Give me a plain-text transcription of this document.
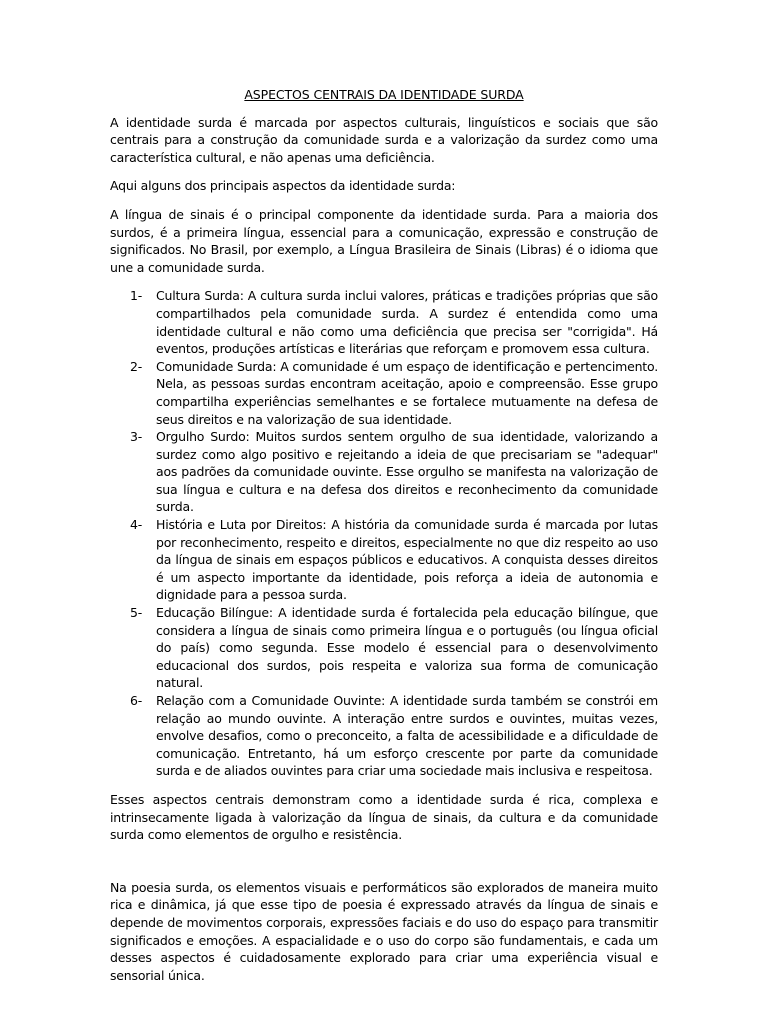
ASPECTOS CENTRAIS DA IDENTIDADE SURDA

A identidade surda é marcada por aspectos culturais, linguísticos e sociais que são centrais para a construção da comunidade surda e a valorização da surdez como uma característica cultural, e não apenas uma deficiência.

Aqui alguns dos principais aspectos da identidade surda:

A língua de sinais é o principal componente da identidade surda. Para a maioria dos surdos, é a primeira língua, essencial para a comunicação, expressão e construção de significados. No Brasil, por exemplo, a Língua Brasileira de Sinais (Libras) é o idioma que une a comunidade surda.

1-	Cultura Surda: A cultura surda inclui valores, práticas e tradições próprias que são compartilhados pela comunidade surda. A surdez é entendida como uma identidade cultural e não como uma deficiência que precisa ser "corrigida". Há eventos, produções artísticas e literárias que reforçam e promovem essa cultura.
2-	Comunidade Surda: A comunidade é um espaço de identificação e pertencimento. Nela, as pessoas surdas encontram aceitação, apoio e compreensão. Esse grupo compartilha experiências semelhantes e se fortalece mutuamente na defesa de seus direitos e na valorização de sua identidade.
3-	Orgulho Surdo: Muitos surdos sentem orgulho de sua identidade, valorizando a surdez como algo positivo e rejeitando a ideia de que precisariam se "adequar" aos padrões da comunidade ouvinte. Esse orgulho se manifesta na valorização de sua língua e cultura e na defesa dos direitos e reconhecimento da comunidade surda.
4-	História e Luta por Direitos: A história da comunidade surda é marcada por lutas por reconhecimento, respeito e direitos, especialmente no que diz respeito ao uso da língua de sinais em espaços públicos e educativos. A conquista desses direitos é um aspecto importante da identidade, pois reforça a ideia de autonomia e dignidade para a pessoa surda.
5-	Educação Bilíngue: A identidade surda é fortalecida pela educação bilíngue, que considera a língua de sinais como primeira língua e o português (ou língua oficial do país) como segunda. Esse modelo é essencial para o desenvolvimento educacional dos surdos, pois respeita e valoriza sua forma de comunicação natural.
6-	Relação com a Comunidade Ouvinte: A identidade surda também se constrói em relação ao mundo ouvinte. A interação entre surdos e ouvintes, muitas vezes, envolve desafios, como o preconceito, a falta de acessibilidade e a dificuldade de comunicação. Entretanto, há um esforço crescente por parte da comunidade surda e de aliados ouvintes para criar uma sociedade mais inclusiva e respeitosa.

Esses aspectos centrais demonstram como a identidade surda é rica, complexa e intrinsecamente ligada à valorização da língua de sinais, da cultura e da comunidade surda como elementos de orgulho e resistência.

Na poesia surda, os elementos visuais e performáticos são explorados de maneira muito rica e dinâmica, já que esse tipo de poesia é expressado através da língua de sinais e depende de movimentos corporais, expressões faciais e do uso do espaço para transmitir significados e emoções. A espacialidade e o uso do corpo são fundamentais, e cada um desses aspectos é cuidadosamente explorado para criar uma experiência visual e sensorial única.
